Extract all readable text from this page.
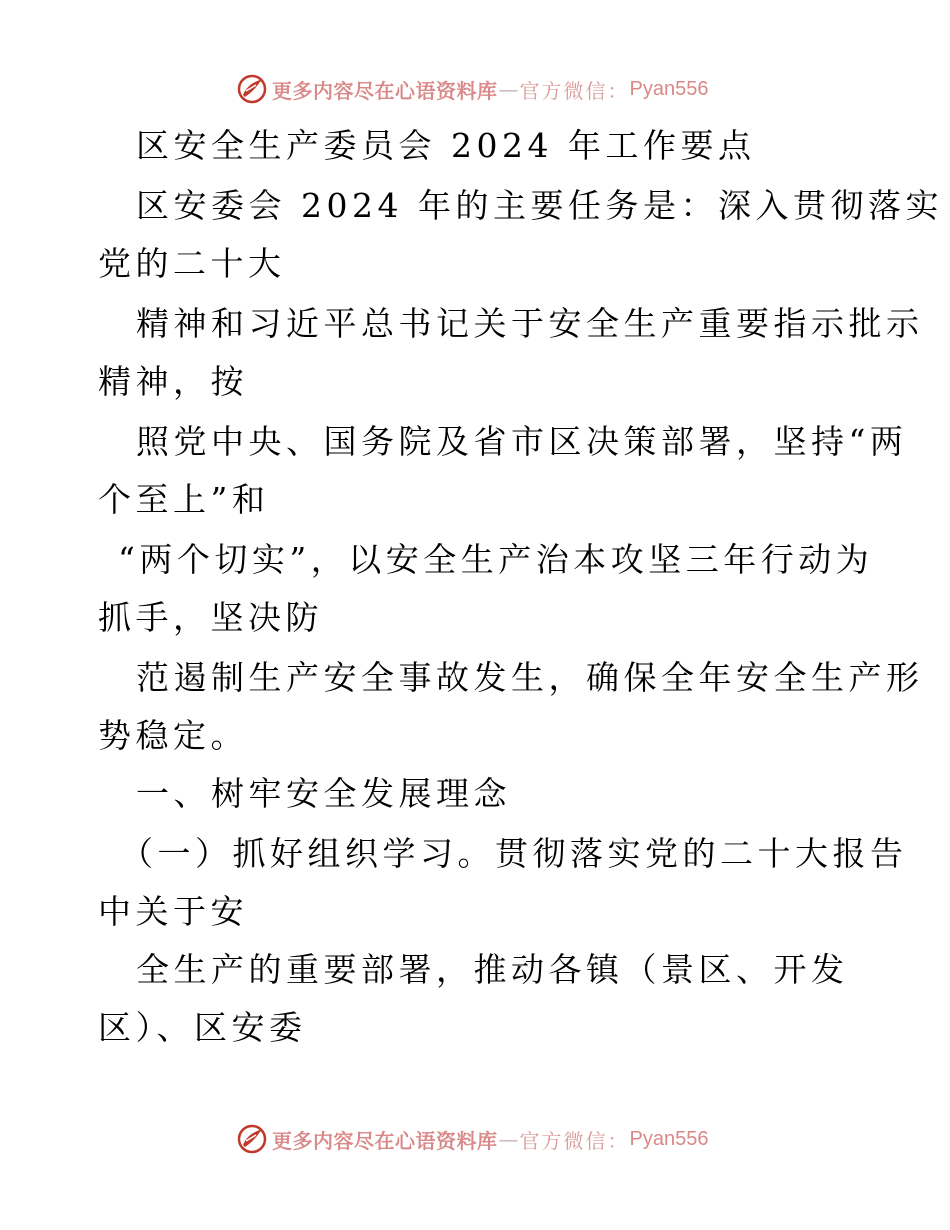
更多内容尽在心语资料库 — 官方微信： Pyan556
区安全生产委员会 2024 年工作要点
区安委会 2024 年的主要任务是：深入贯彻落实
党的二十大
精神和习近平总书记关于安全生产重要指示批示
精神，按
照党中央、国务院及省市区决策部署，坚持“两
个至上”和
“两个切实”，以安全生产治本攻坚三年行动为
抓手，坚决防
范遏制生产安全事故发生，确保全年安全生产形
势稳定。
一、树牢安全发展理念
（一）抓好组织学习。贯彻落实党的二十大报告
中关于安
全生产的重要部署，推动各镇（景区、开发
区）、区安委
更多内容尽在心语资料库 — 官方微信： Pyan556
